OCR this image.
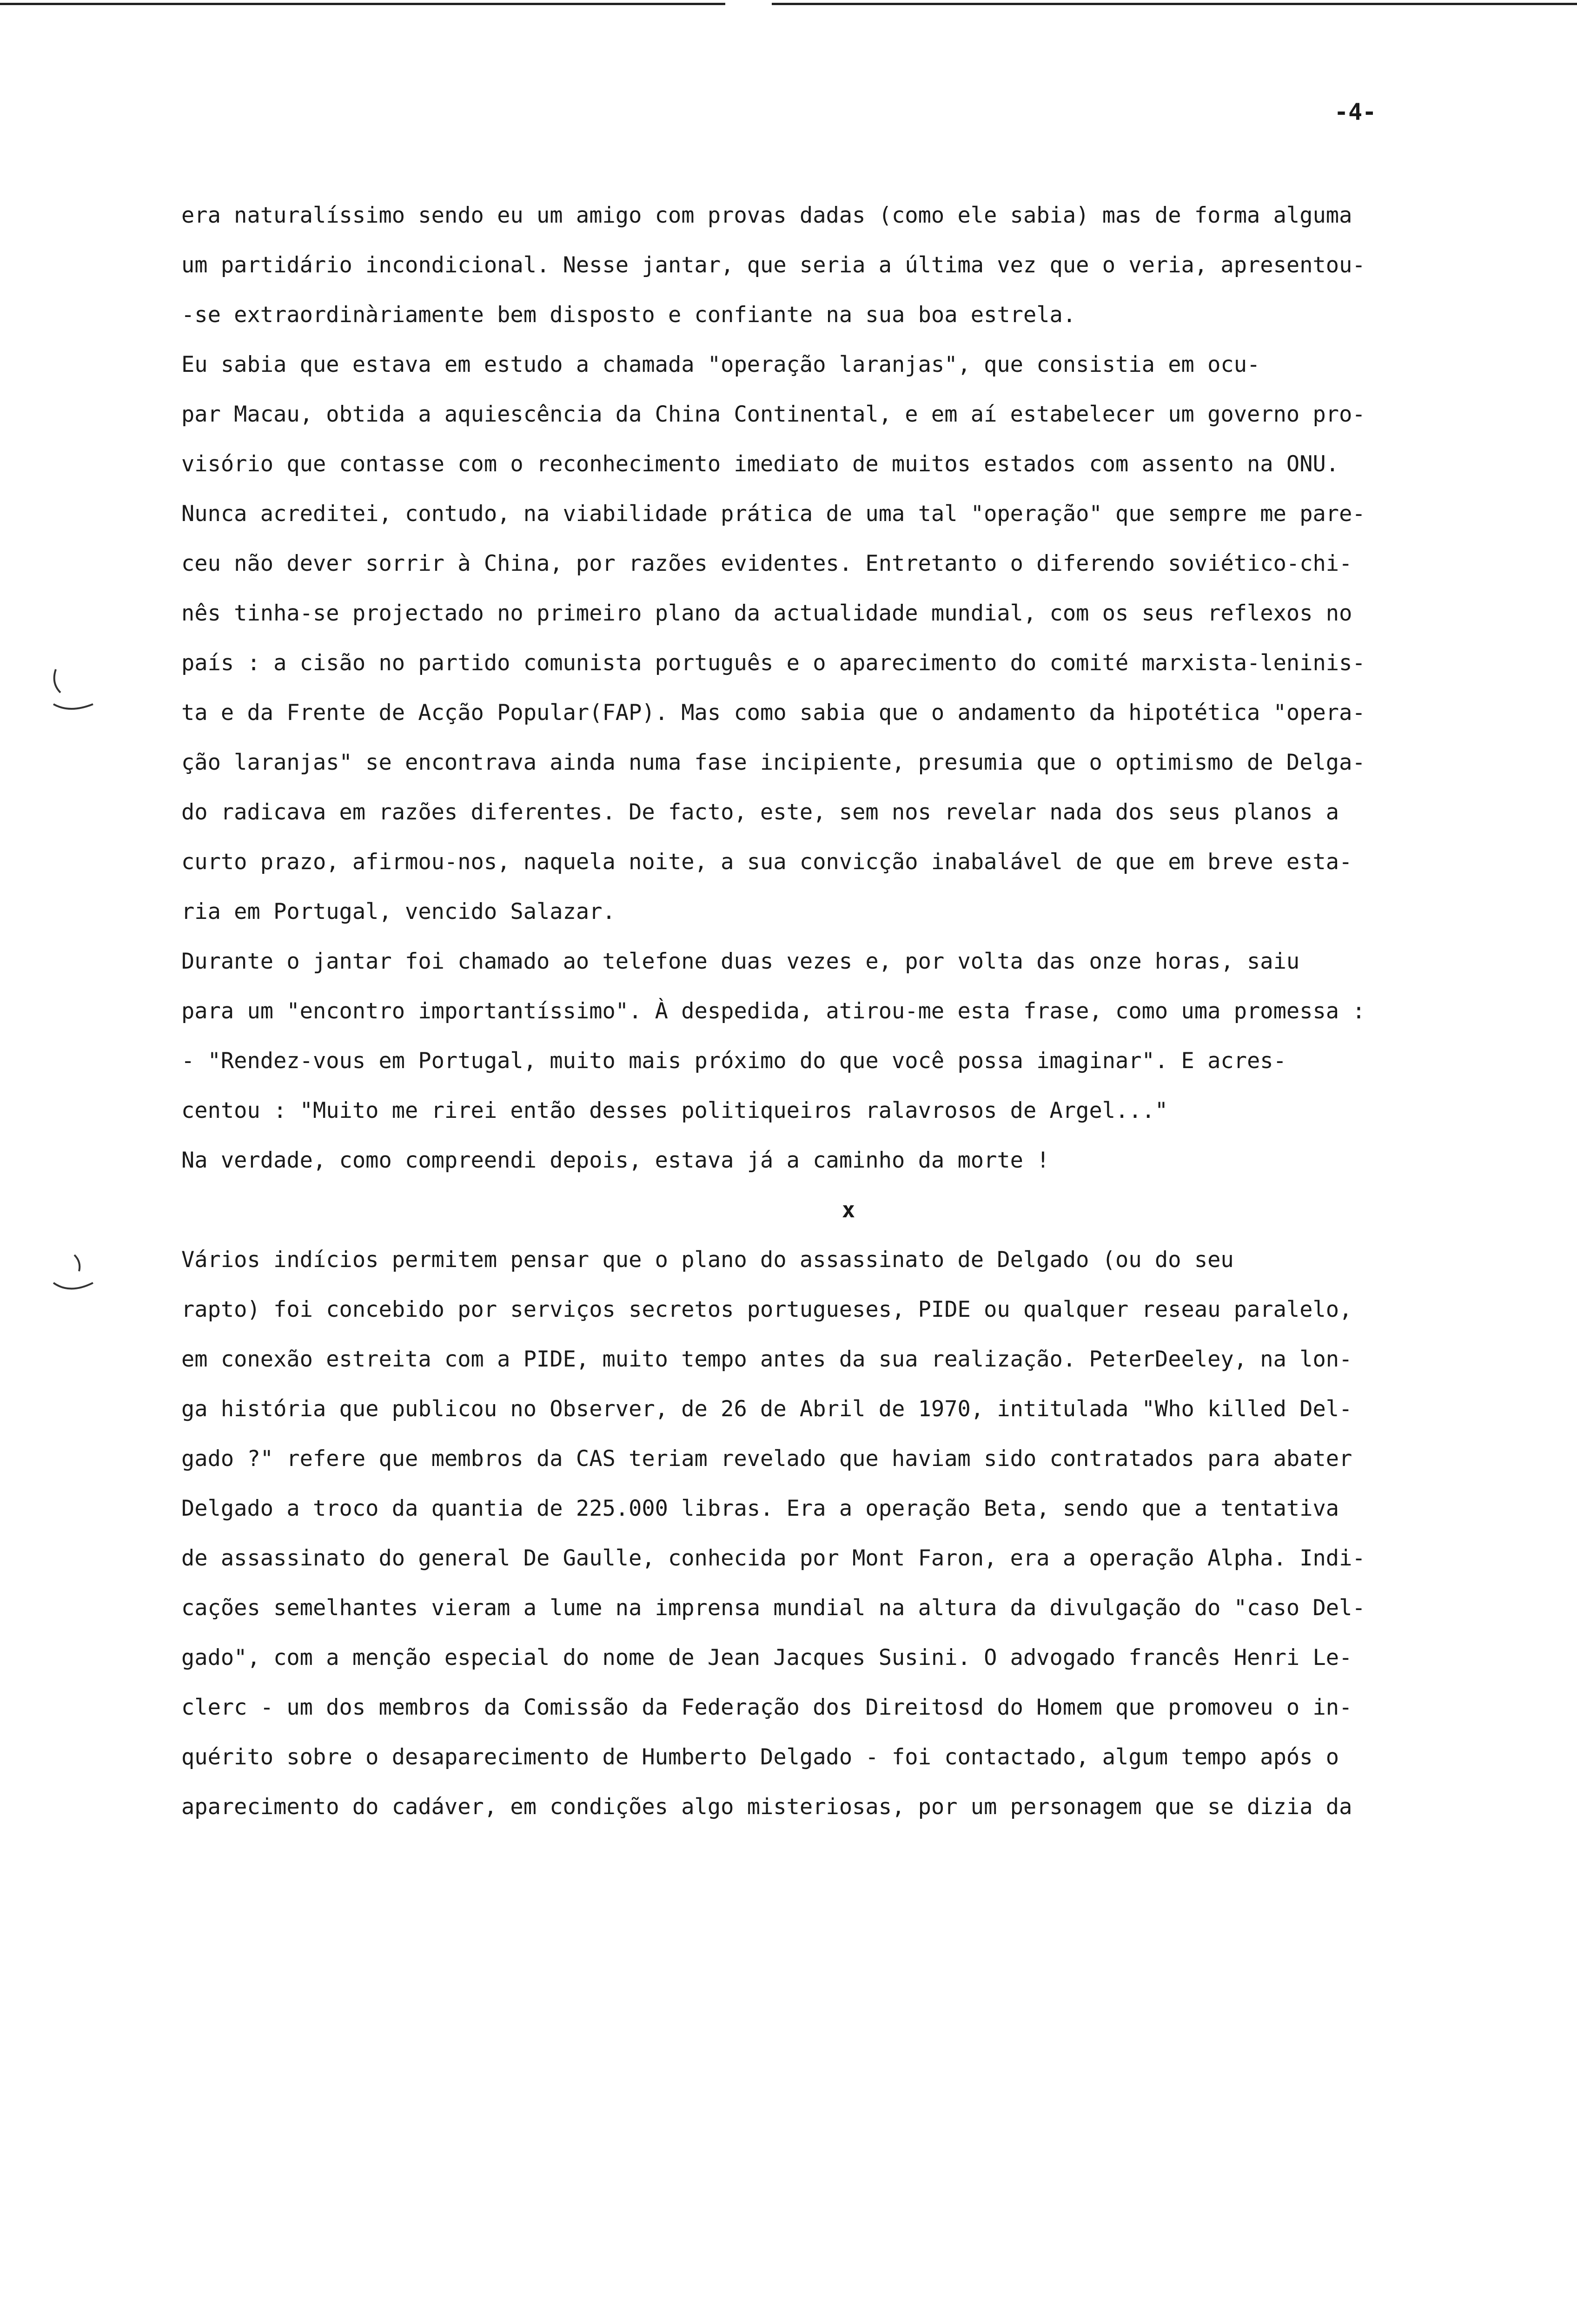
-4-
era naturalíssimo sendo eu um amigo com provas dadas (como ele sabia) mas de forma alguma
um partidário incondicional. Nesse jantar, que seria a última vez que o veria, apresentou-
-se extraordinàriamente bem disposto e confiante na sua boa estrela.
Eu sabia que estava em estudo a chamada "operação laranjas", que consistia em ocu-
par Macau, obtida a aquiescência da China Continental, e em aí estabelecer um governo pro-
visório que contasse com o reconhecimento imediato de muitos estados com assento na ONU.
Nunca acreditei, contudo, na viabilidade prática de uma tal "operação" que sempre me pare-
ceu não dever sorrir à China, por razões evidentes. Entretanto o diferendo soviético-chi-
nês tinha-se projectado no primeiro plano da actualidade mundial, com os seus reflexos no
país : a cisão no partido comunista português e o aparecimento do comité marxista-leninis-
ta e da Frente de Acção Popular(FAP). Mas como sabia que o andamento da hipotética "opera-
ção laranjas" se encontrava ainda numa fase incipiente, presumia que o optimismo de Delga-
do radicava em razões diferentes. De facto, este, sem nos revelar nada dos seus planos a
curto prazo, afirmou-nos, naquela noite, a sua convicção inabalável de que em breve esta-
ria em Portugal, vencido Salazar.
Durante o jantar foi chamado ao telefone duas vezes e, por volta das onze horas, saiu
para um "encontro importantíssimo". À despedida, atirou-me esta frase, como uma promessa :
- "Rendez-vous em Portugal, muito mais próximo do que você possa imaginar". E acres-
centou : "Muito me rirei então desses politiqueiros ralavrosos de Argel..."
Na verdade, como compreendi depois, estava já a caminho da morte !
x
Vários indícios permitem pensar que o plano do assassinato de Delgado (ou do seu
rapto) foi concebido por serviços secretos portugueses, PIDE ou qualquer reseau paralelo,
em conexão estreita com a PIDE, muito tempo antes da sua realização. PeterDeeley, na lon-
ga história que publicou no Observer, de 26 de Abril de 1970, intitulada "Who killed Del-
gado ?" refere que membros da CAS teriam revelado que haviam sido contratados para abater
Delgado a troco da quantia de 225.000 libras. Era a operação Beta, sendo que a tentativa
de assassinato do general De Gaulle, conhecida por Mont Faron, era a operação Alpha. Indi-
cações semelhantes vieram a lume na imprensa mundial na altura da divulgação do "caso Del-
gado", com a menção especial do nome de Jean Jacques Susini. O advogado francês Henri Le-
clerc - um dos membros da Comissão da Federação dos Direitosd do Homem que promoveu o in-
quérito sobre o desaparecimento de Humberto Delgado - foi contactado, algum tempo após o
aparecimento do cadáver, em condições algo misteriosas, por um personagem que se dizia da
